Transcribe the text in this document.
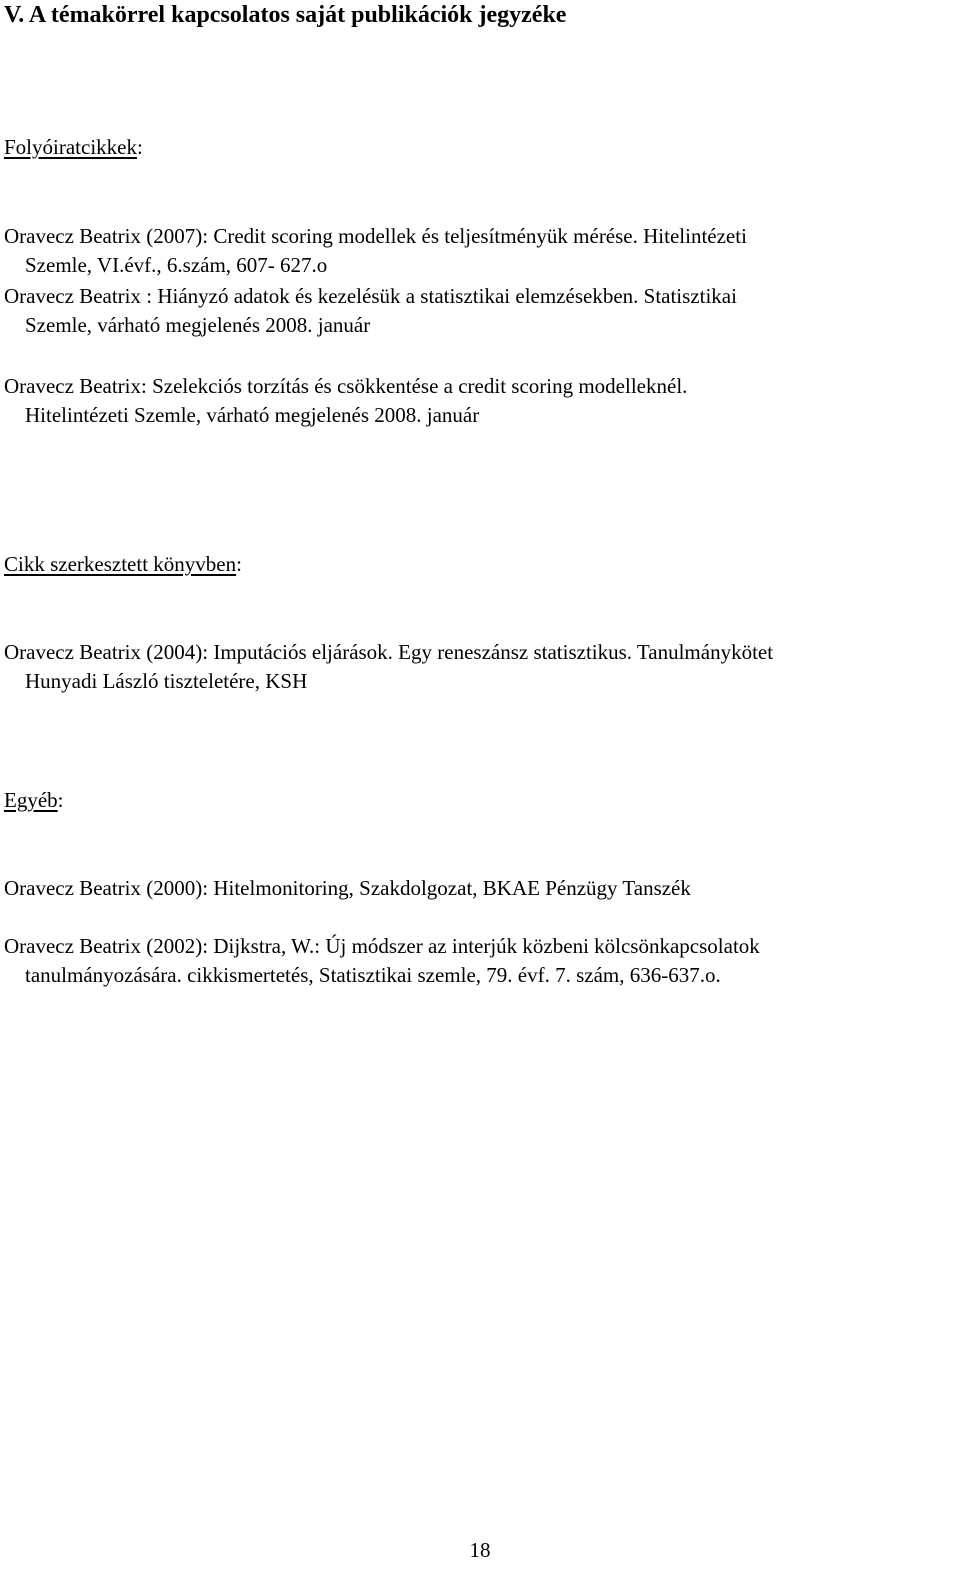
V. A témakörrel kapcsolatos saját publikációk jegyzéke
Folyóiratcikkek:
Oravecz Beatrix (2007): Credit scoring modellek és teljesítményük mérése. Hitelintézeti
Szemle, VI.évf., 6.szám, 607- 627.o
Oravecz Beatrix : Hiányzó adatok és kezelésük a statisztikai elemzésekben. Statisztikai
Szemle, várható megjelenés 2008. január
Oravecz Beatrix: Szelekciós torzítás és csökkentése a credit scoring modelleknél.
Hitelintézeti Szemle, várható megjelenés 2008. január
Cikk szerkesztett könyvben:
Oravecz Beatrix (2004): Imputációs eljárások. Egy reneszánsz statisztikus. Tanulmánykötet
Hunyadi László tiszteletére, KSH
Egyéb:
Oravecz Beatrix (2000): Hitelmonitoring, Szakdolgozat, BKAE Pénzügy Tanszék
Oravecz Beatrix (2002): Dijkstra, W.: Új módszer az interjúk közbeni kölcsönkapcsolatok
tanulmányozására. cikkismertetés, Statisztikai szemle, 79. évf. 7. szám, 636-637.o.
18
